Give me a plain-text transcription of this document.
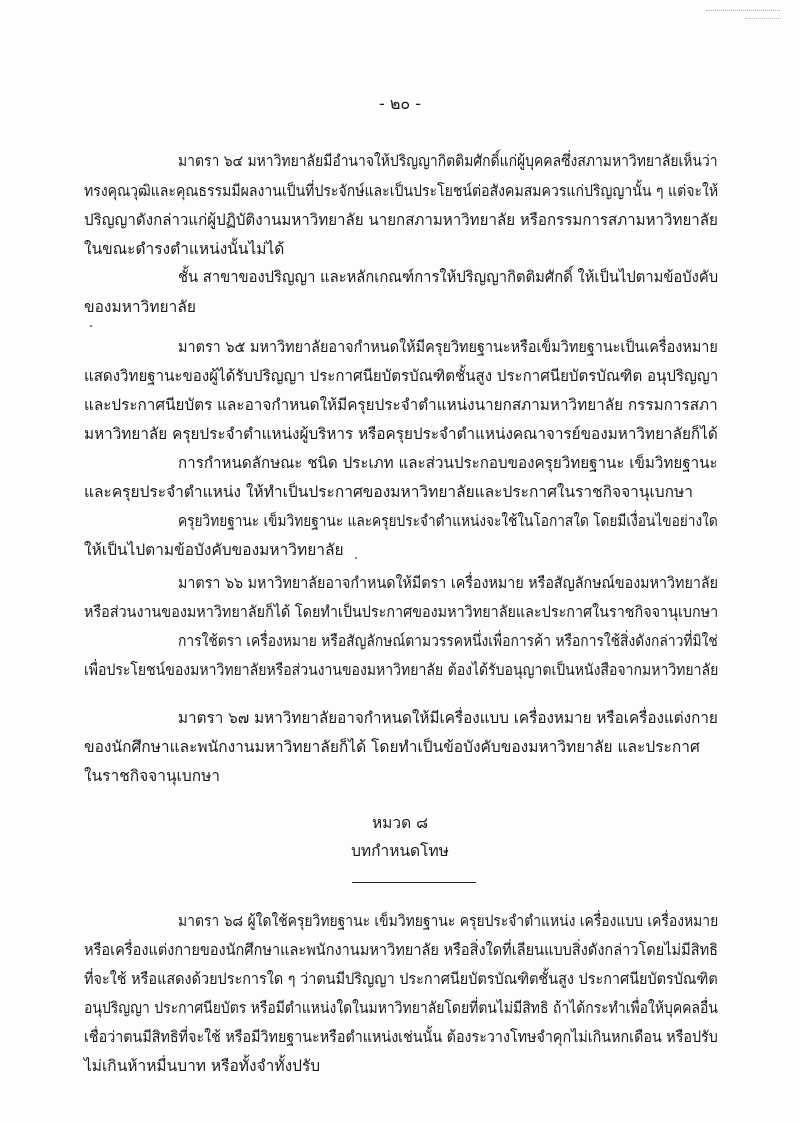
- ๒๐ -
มาตรา ๖๔ มหาวิทยาลัยมีอำนาจให้ปริญญากิตติมศักดิ์แก่ผู้บุคคลซึ่งสภามหาวิทยาลัยเห็นว่า
ทรงคุณวุฒิและคุณธรรมมีผลงานเป็นที่ประจักษ์และเป็นประโยชน์ต่อสังคมสมควรแก่ปริญญานั้น ๆ แต่จะให้
ปริญญาดังกล่าวแก่ผู้ปฏิบัติงานมหาวิทยาลัย นายกสภามหาวิทยาลัย หรือกรรมการสภามหาวิทยาลัย
ในขณะดำรงตำแหน่งนั้นไม่ได้
ชั้น สาขาของปริญญา และหลักเกณฑ์การให้ปริญญากิตติมศักดิ์ ให้เป็นไปตามข้อบังคับ
ของมหาวิทยาลัย
มาตรา ๖๕ มหาวิทยาลัยอาจกำหนดให้มีครุยวิทยฐานะหรือเข็มวิทยฐานะเป็นเครื่องหมาย
แสดงวิทยฐานะของผู้ได้รับปริญญา ประกาศนียบัตรบัณฑิตชั้นสูง ประกาศนียบัตรบัณฑิต อนุปริญญา
และประกาศนียบัตร และอาจกำหนดให้มีครุยประจำตำแหน่งนายกสภามหาวิทยาลัย กรรมการสภา
มหาวิทยาลัย ครุยประจำตำแหน่งผู้บริหาร หรือครุยประจำตำแหน่งคณาจารย์ของมหาวิทยาลัยก็ได้
การกำหนดลักษณะ ชนิด ประเภท และส่วนประกอบของครุยวิทยฐานะ เข็มวิทยฐานะ
และครุยประจำตำแหน่ง ให้ทำเป็นประกาศของมหาวิทยาลัยและประกาศในราชกิจจานุเบกษา
ครุยวิทยฐานะ เข็มวิทยฐานะ และครุยประจำตำแหน่งจะใช้ในโอกาสใด โดยมีเงื่อนไขอย่างใด
ให้เป็นไปตามข้อบังคับของมหาวิทยาลัย
มาตรา ๖๖ มหาวิทยาลัยอาจกำหนดให้มีตรา เครื่องหมาย หรือสัญลักษณ์ของมหาวิทยาลัย
หรือส่วนงานของมหาวิทยาลัยก็ได้ โดยทำเป็นประกาศของมหาวิทยาลัยและประกาศในราชกิจจานุเบกษา
การใช้ตรา เครื่องหมาย หรือสัญลักษณ์ตามวรรคหนึ่งเพื่อการค้า หรือการใช้สิ่งดังกล่าวที่มิใช่
เพื่อประโยชน์ของมหาวิทยาลัยหรือส่วนงานของมหาวิทยาลัย ต้องได้รับอนุญาตเป็นหนังสือจากมหาวิทยาลัย
มาตรา ๖๗ มหาวิทยาลัยอาจกำหนดให้มีเครื่องแบบ เครื่องหมาย หรือเครื่องแต่งกาย
ของนักศึกษาและพนักงานมหาวิทยาลัยก็ได้ โดยทำเป็นข้อบังคับของมหาวิทยาลัย และประกาศ
ในราชกิจจานุเบกษา
หมวด ๘
บทกำหนดโทษ
มาตรา ๖๘ ผู้ใดใช้ครุยวิทยฐานะ เข็มวิทยฐานะ ครุยประจำตำแหน่ง เครื่องแบบ เครื่องหมาย
หรือเครื่องแต่งกายของนักศึกษาและพนักงานมหาวิทยาลัย หรือสิ่งใดที่เลียนแบบสิ่งดังกล่าวโดยไม่มีสิทธิ
ที่จะใช้ หรือแสดงด้วยประการใด ๆ ว่าตนมีปริญญา ประกาศนียบัตรบัณฑิตชั้นสูง ประกาศนียบัตรบัณฑิต
อนุปริญญา ประกาศนียบัตร หรือมีตำแหน่งใดในมหาวิทยาลัยโดยที่ตนไม่มีสิทธิ ถ้าได้กระทำเพื่อให้บุคคลอื่น
เชื่อว่าตนมีสิทธิที่จะใช้ หรือมีวิทยฐานะหรือตำแหน่งเช่นนั้น ต้องระวางโทษจำคุกไม่เกินหกเดือน หรือปรับ
ไม่เกินห้าหมื่นบาท หรือทั้งจำทั้งปรับ
